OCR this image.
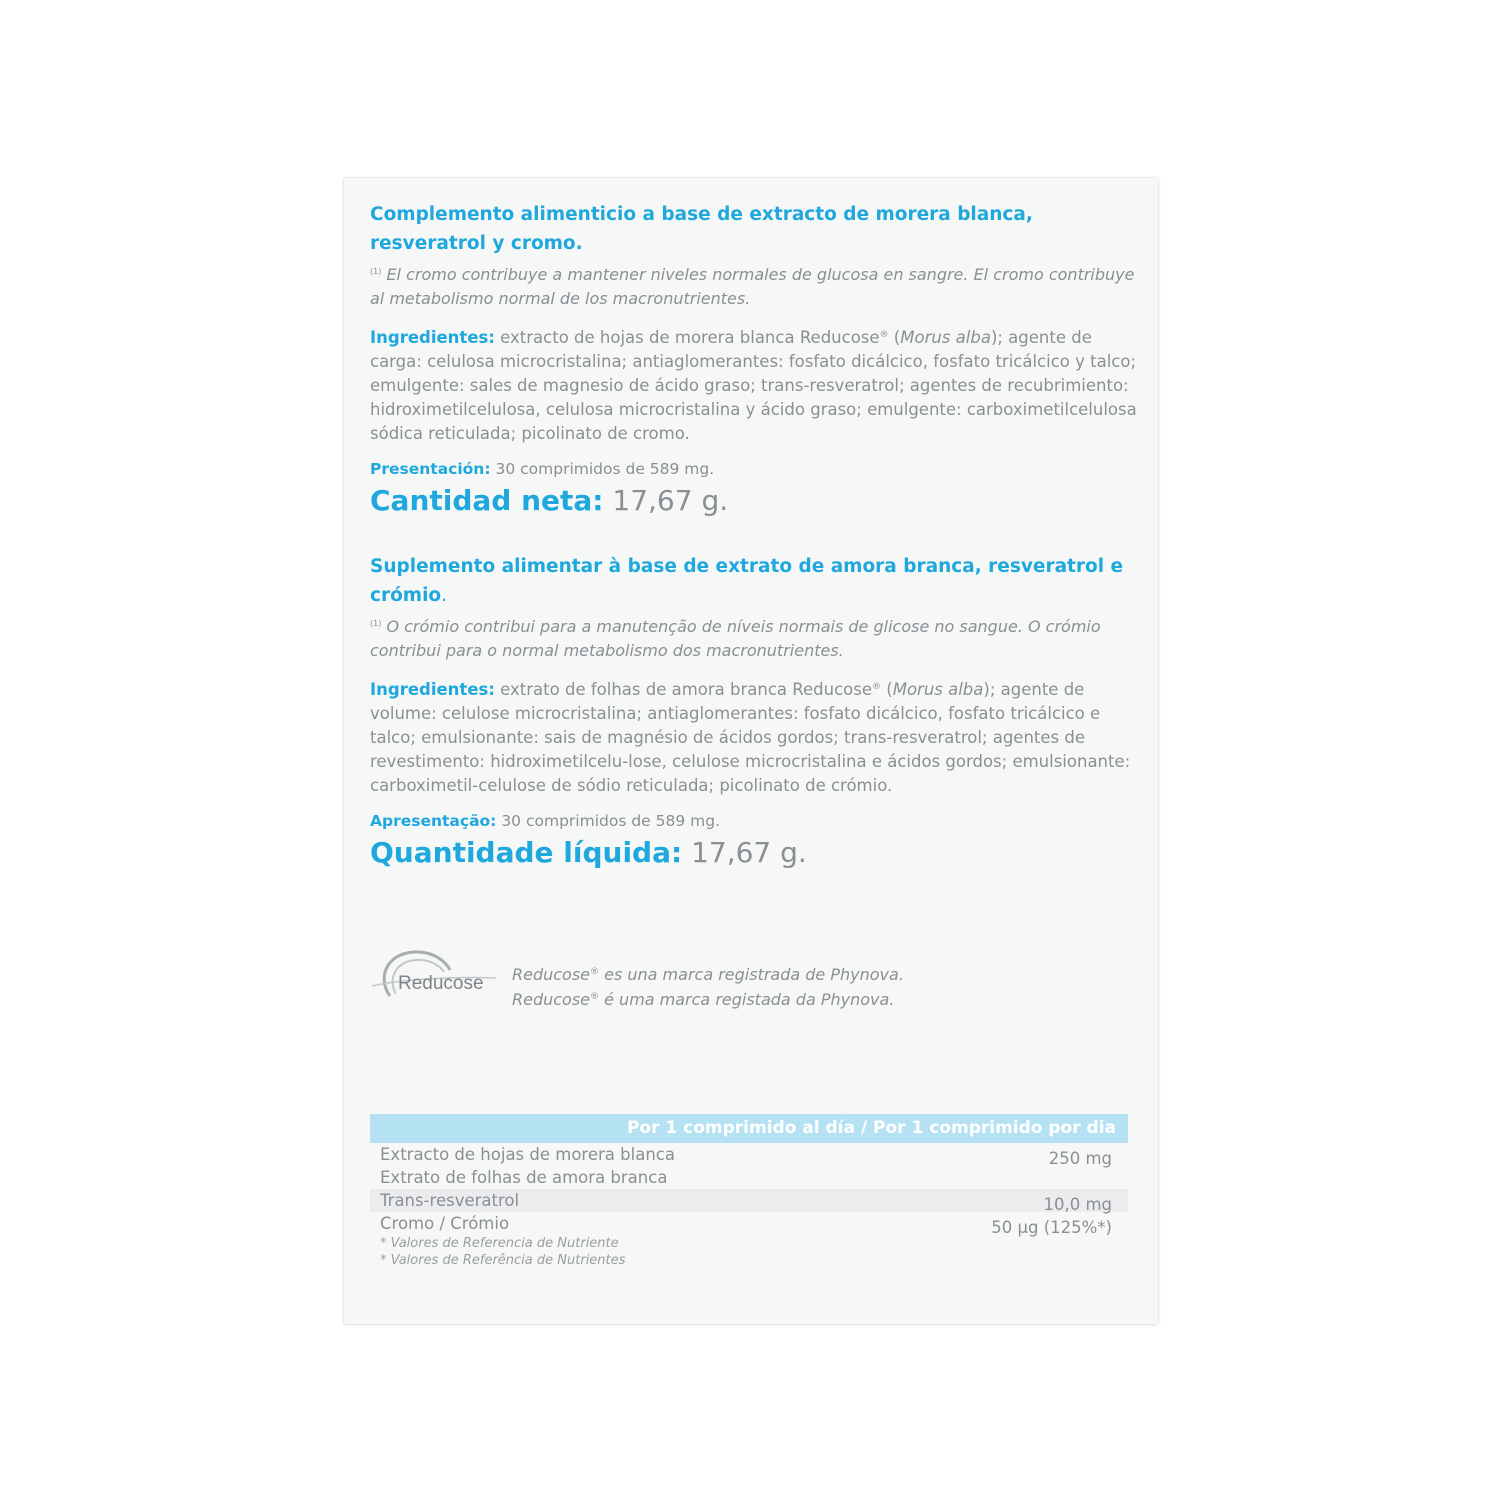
Complemento alimenticio a base de extracto de morera blanca, resveratrol y cromo.

$^{(1)}$ El cromo contribuye a mantener niveles normales de glucosa en sangre. El cromo contribuye al metabolismo normal de los macronutrientes.

Ingredientes: extracto de hojas de morera blanca Reducose® (Morus alba); agente de carga: celulosa microcristalina; antiaglomerantes: fosfato dicálcico, fosfato tricálcico y talco; emulgente: sales de magnesio de ácido graso; trans-resveratrol; agentes de recubrimiento: hidroximetilcelulosa, celulosa microcristalina y ácido graso; emulgente: carboximetilcelulosa sódica reticulada; picolinato de cromo.

Presentación: 30 comprimidos de 589 mg.

Cantidad neta: 17,67 g.

Suplemento alimentar à base de extrato de amora branca, resveratrol e crómio.

$^{(1)}$ O crómio contribui para a manutenção de níveis normais de glicose no sangue. O crómio contribui para o normal metabolismo dos macronutrientes.

Ingredientes: extrato de folhas de amora branca Reducose® (Morus alba); agente de volume: celulose microcristalina; antiaglomerantes: fosfato dicálcico, fosfato tricálcico e talco; emulsionante: sais de magnésio de ácidos gordos; trans-resveratrol; agentes de revestimento: hidroximetilcelu-lose, celulose microcristalina e ácidos gordos; emulsionante: carboximetil-celulose de sódio reticulada; picolinato de crómio.

Apresentação: 30 comprimidos de 589 mg.

Quantidade líquida: 17,67 g.

Reducose Reducose® es una marca registrada de Phynova.
Reducose® é uma marca registada da Phynova.
Por 1 comprimido al día / Por 1 comprimido por dia
Extracto de hojas de morera blanca	250 mg
Extrato de folhas de amora branca
Trans-resveratrol	10,0 mg
Cromo / Crómio	50 µg (125%*)
* Valores de Referencia de Nutriente
* Valores de Referência de Nutrientes
